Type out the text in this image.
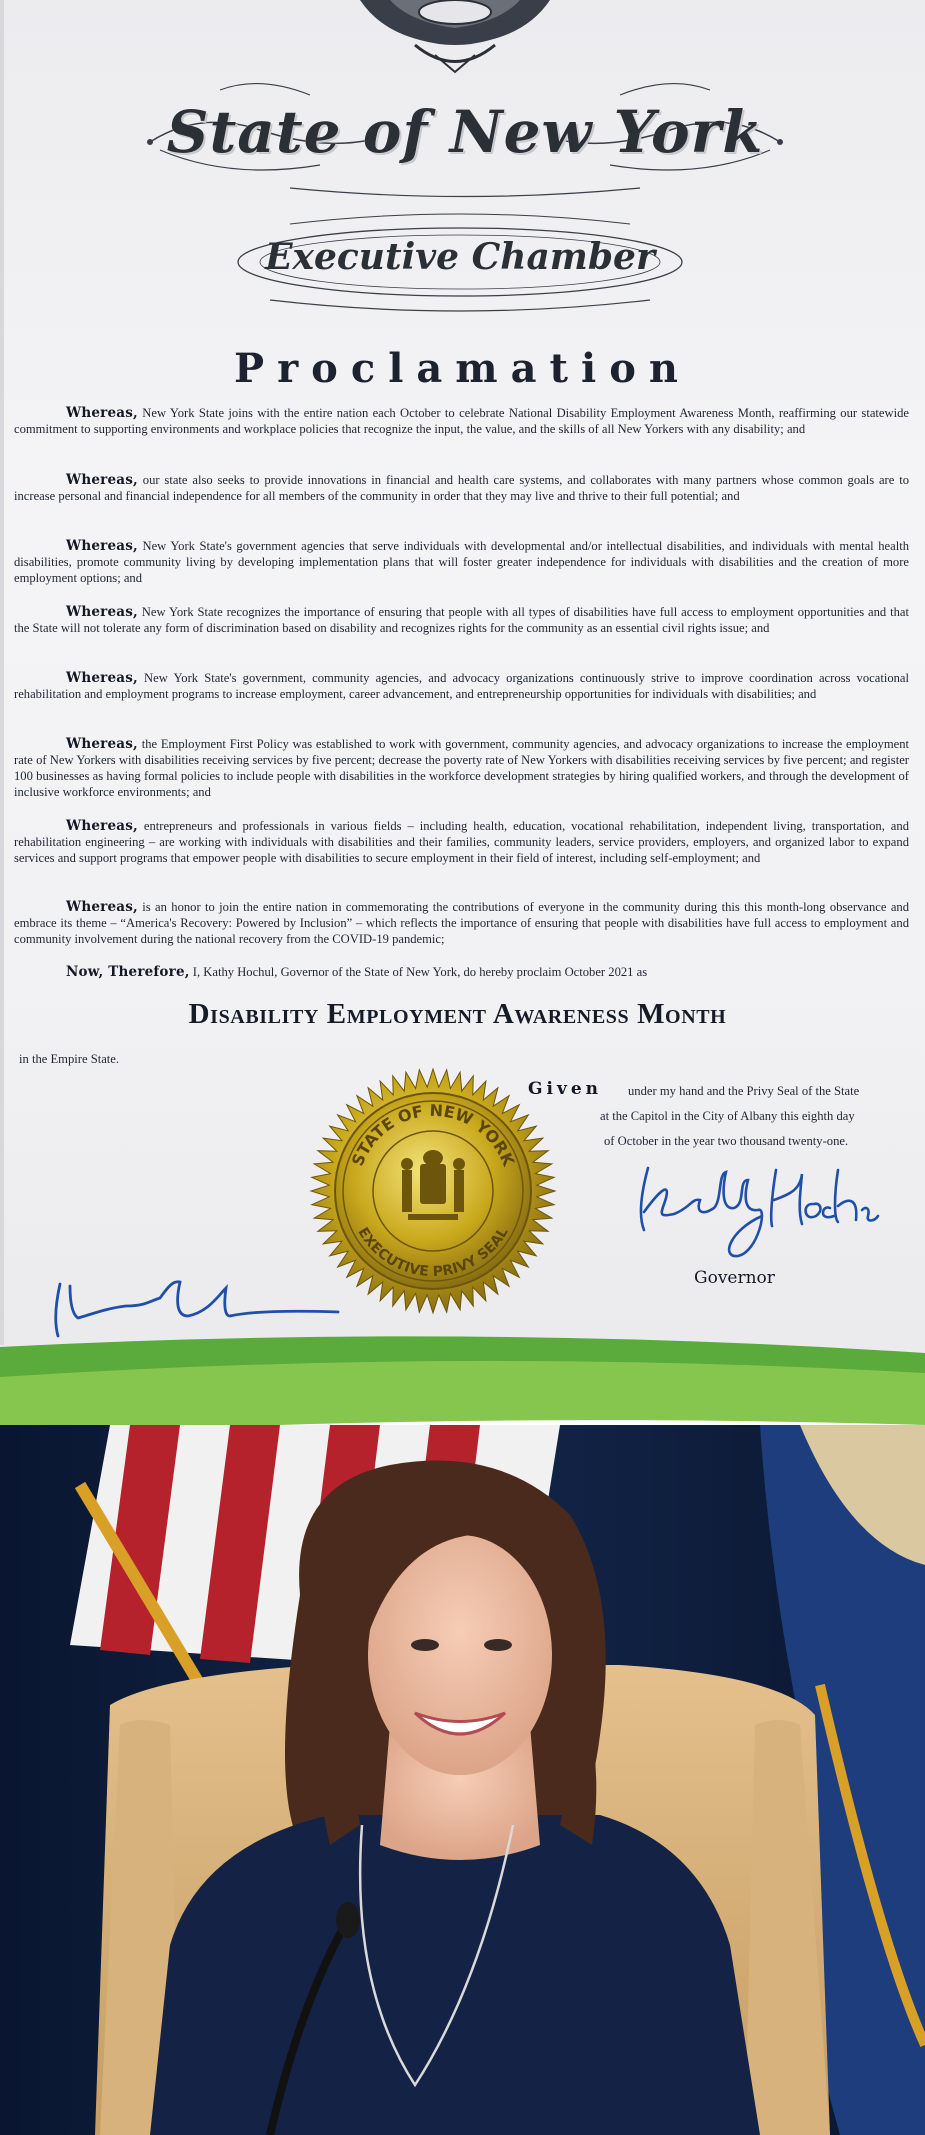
State of New York
Executive Chamber
Proclamation

Whereas, New York State joins with the entire nation each October to celebrate National Disability Employment Awareness Month, reaffirming our statewide commitment to supporting environments and workplace policies that recognize the input, the value, and the skills of all New Yorkers with any disability; and

Whereas, our state also seeks to provide innovations in financial and health care systems, and collaborates with many partners whose common goals are to increase personal and financial independence for all members of the community in order that they may live and thrive to their full potential; and

Whereas, New York State's government agencies that serve individuals with developmental and/or intellectual disabilities, and individuals with mental health disabilities, promote community living by developing implementation plans that will foster greater independence for individuals with disabilities and the creation of more employment options; and

Whereas, New York State recognizes the importance of ensuring that people with all types of disabilities have full access to employment opportunities and that the State will not tolerate any form of discrimination based on disability and recognizes rights for the community as an essential civil rights issue; and

Whereas, New York State's government, community agencies, and advocacy organizations continuously strive to improve coordination across vocational rehabilitation and employment programs to increase employment, career advancement, and entrepreneurship opportunities for individuals with disabilities; and

Whereas, the Employment First Policy was established to work with government, community agencies, and advocacy organizations to increase the employment rate of New Yorkers with disabilities receiving services by five percent; decrease the poverty rate of New Yorkers with disabilities receiving services by five percent; and register 100 businesses as having formal policies to include people with disabilities in the workforce development strategies by hiring qualified workers, and through the development of inclusive workforce environments; and

Whereas, entrepreneurs and professionals in various fields – including health, education, vocational rehabilitation, independent living, transportation, and rehabilitation engineering – are working with individuals with disabilities and their families, community leaders, service providers, employers, and organized labor to expand services and support programs that empower people with disabilities to secure employment in their field of interest, including self-employment; and

Whereas, is an honor to join the entire nation in commemorating the contributions of everyone in the community during this this month-long observance and embrace its theme – “America's Recovery: Powered by Inclusion” – which reflects the importance of ensuring that people with disabilities have full access to employment and community involvement during the national recovery from the COVID-19 pandemic;

Now, Therefore, I, Kathy Hochul, Governor of the State of New York, do hereby proclaim October 2021 as

Disability Employment Awareness Month
in the Empire State.
Given under my hand and the Privy Seal of the State
at the Capitol in the City of Albany this eighth day
of October in the year two thousand twenty-one.
STATE OF NEW YORK
EXECUTIVE PRIVY SEAL
Governor
